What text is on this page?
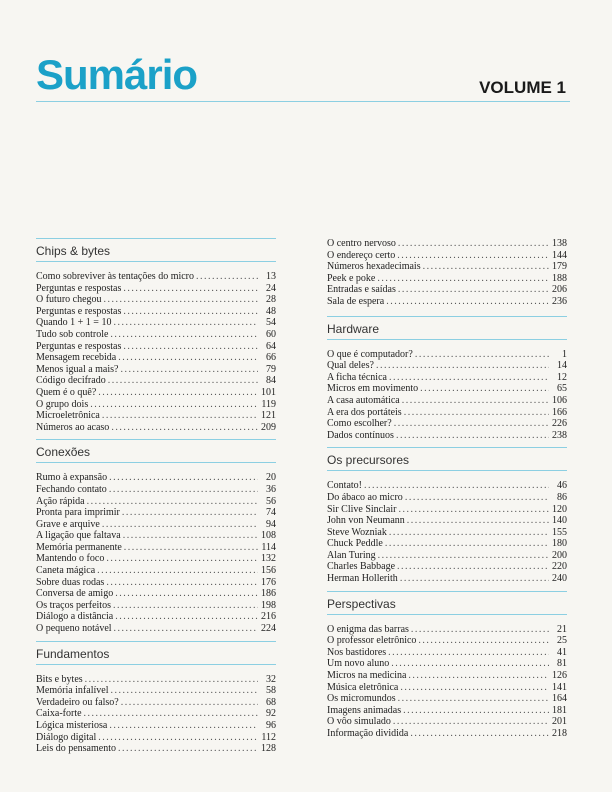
Sumário	VOLUME 1
Chips & bytes
Como sobreviver às tentações do micro .....	13
Perguntas e respostas .....	24
O futuro chegou .....	28
Perguntas e respostas .....	48
Quando 1 + 1 = 10 .....	54
Tudo sob controle .....	60
Perguntas e respostas .....	64
Mensagem recebida .....	66
Menos igual a mais? .....	79
Código decifrado .....	84
Quem é o quê? .....	101
O grupo dois .....	119
Microeletrônica .....	121
Números ao acaso .....	209
Conexões
Rumo à expansão .....	20
Fechando contato .....	36
Ação rápida .....	56
Pronta para imprimir .....	74
Grave e arquive .....	94
A ligação que faltava .....	108
Memória permanente .....	114
Mantendo o foco .....	132
Caneta mágica .....	156
Sobre duas rodas .....	176
Conversa de amigo .....	186
Os traços perfeitos .....	198
Diálogo a distância .....	216
O pequeno notável .....	224
Fundamentos
Bits e bytes .....	32
Memória infalível .....	58
Verdadeiro ou falso? .....	68
Caixa-forte .....	92
Lógica misteriosa .....	96
Diálogo digital .....	112
Leis do pensamento .....	128
O centro nervoso .....	138
O endereço certo .....	144
Números hexadecimais .....	179
Peek e poke .....	188
Entradas e saídas .....	206
Sala de espera .....	236
Hardware
O que é computador? .....	1
Qual deles? .....	14
A ficha técnica .....	12
Micros em movimento .....	65
A casa automática .....	106
A era dos portáteis .....	166
Como escolher? .....	226
Dados contínuos .....	238
Os precursores
Contato! .....	46
Do ábaco ao micro .....	86
Sir Clive Sinclair .....	120
John von Neumann .....	140
Steve Wozniak .....	155
Chuck Peddle .....	180
Alan Turing .....	200
Charles Babbage .....	220
Herman Hollerith .....	240
Perspectivas
O enigma das barras .....	21
O professor eletrônico .....	25
Nos bastidores .....	41
Um novo aluno .....	81
Micros na medicina .....	126
Música eletrônica .....	141
Os micromundos .....	164
Imagens animadas .....	181
O vôo simulado .....	201
Informação dividida .....	218
